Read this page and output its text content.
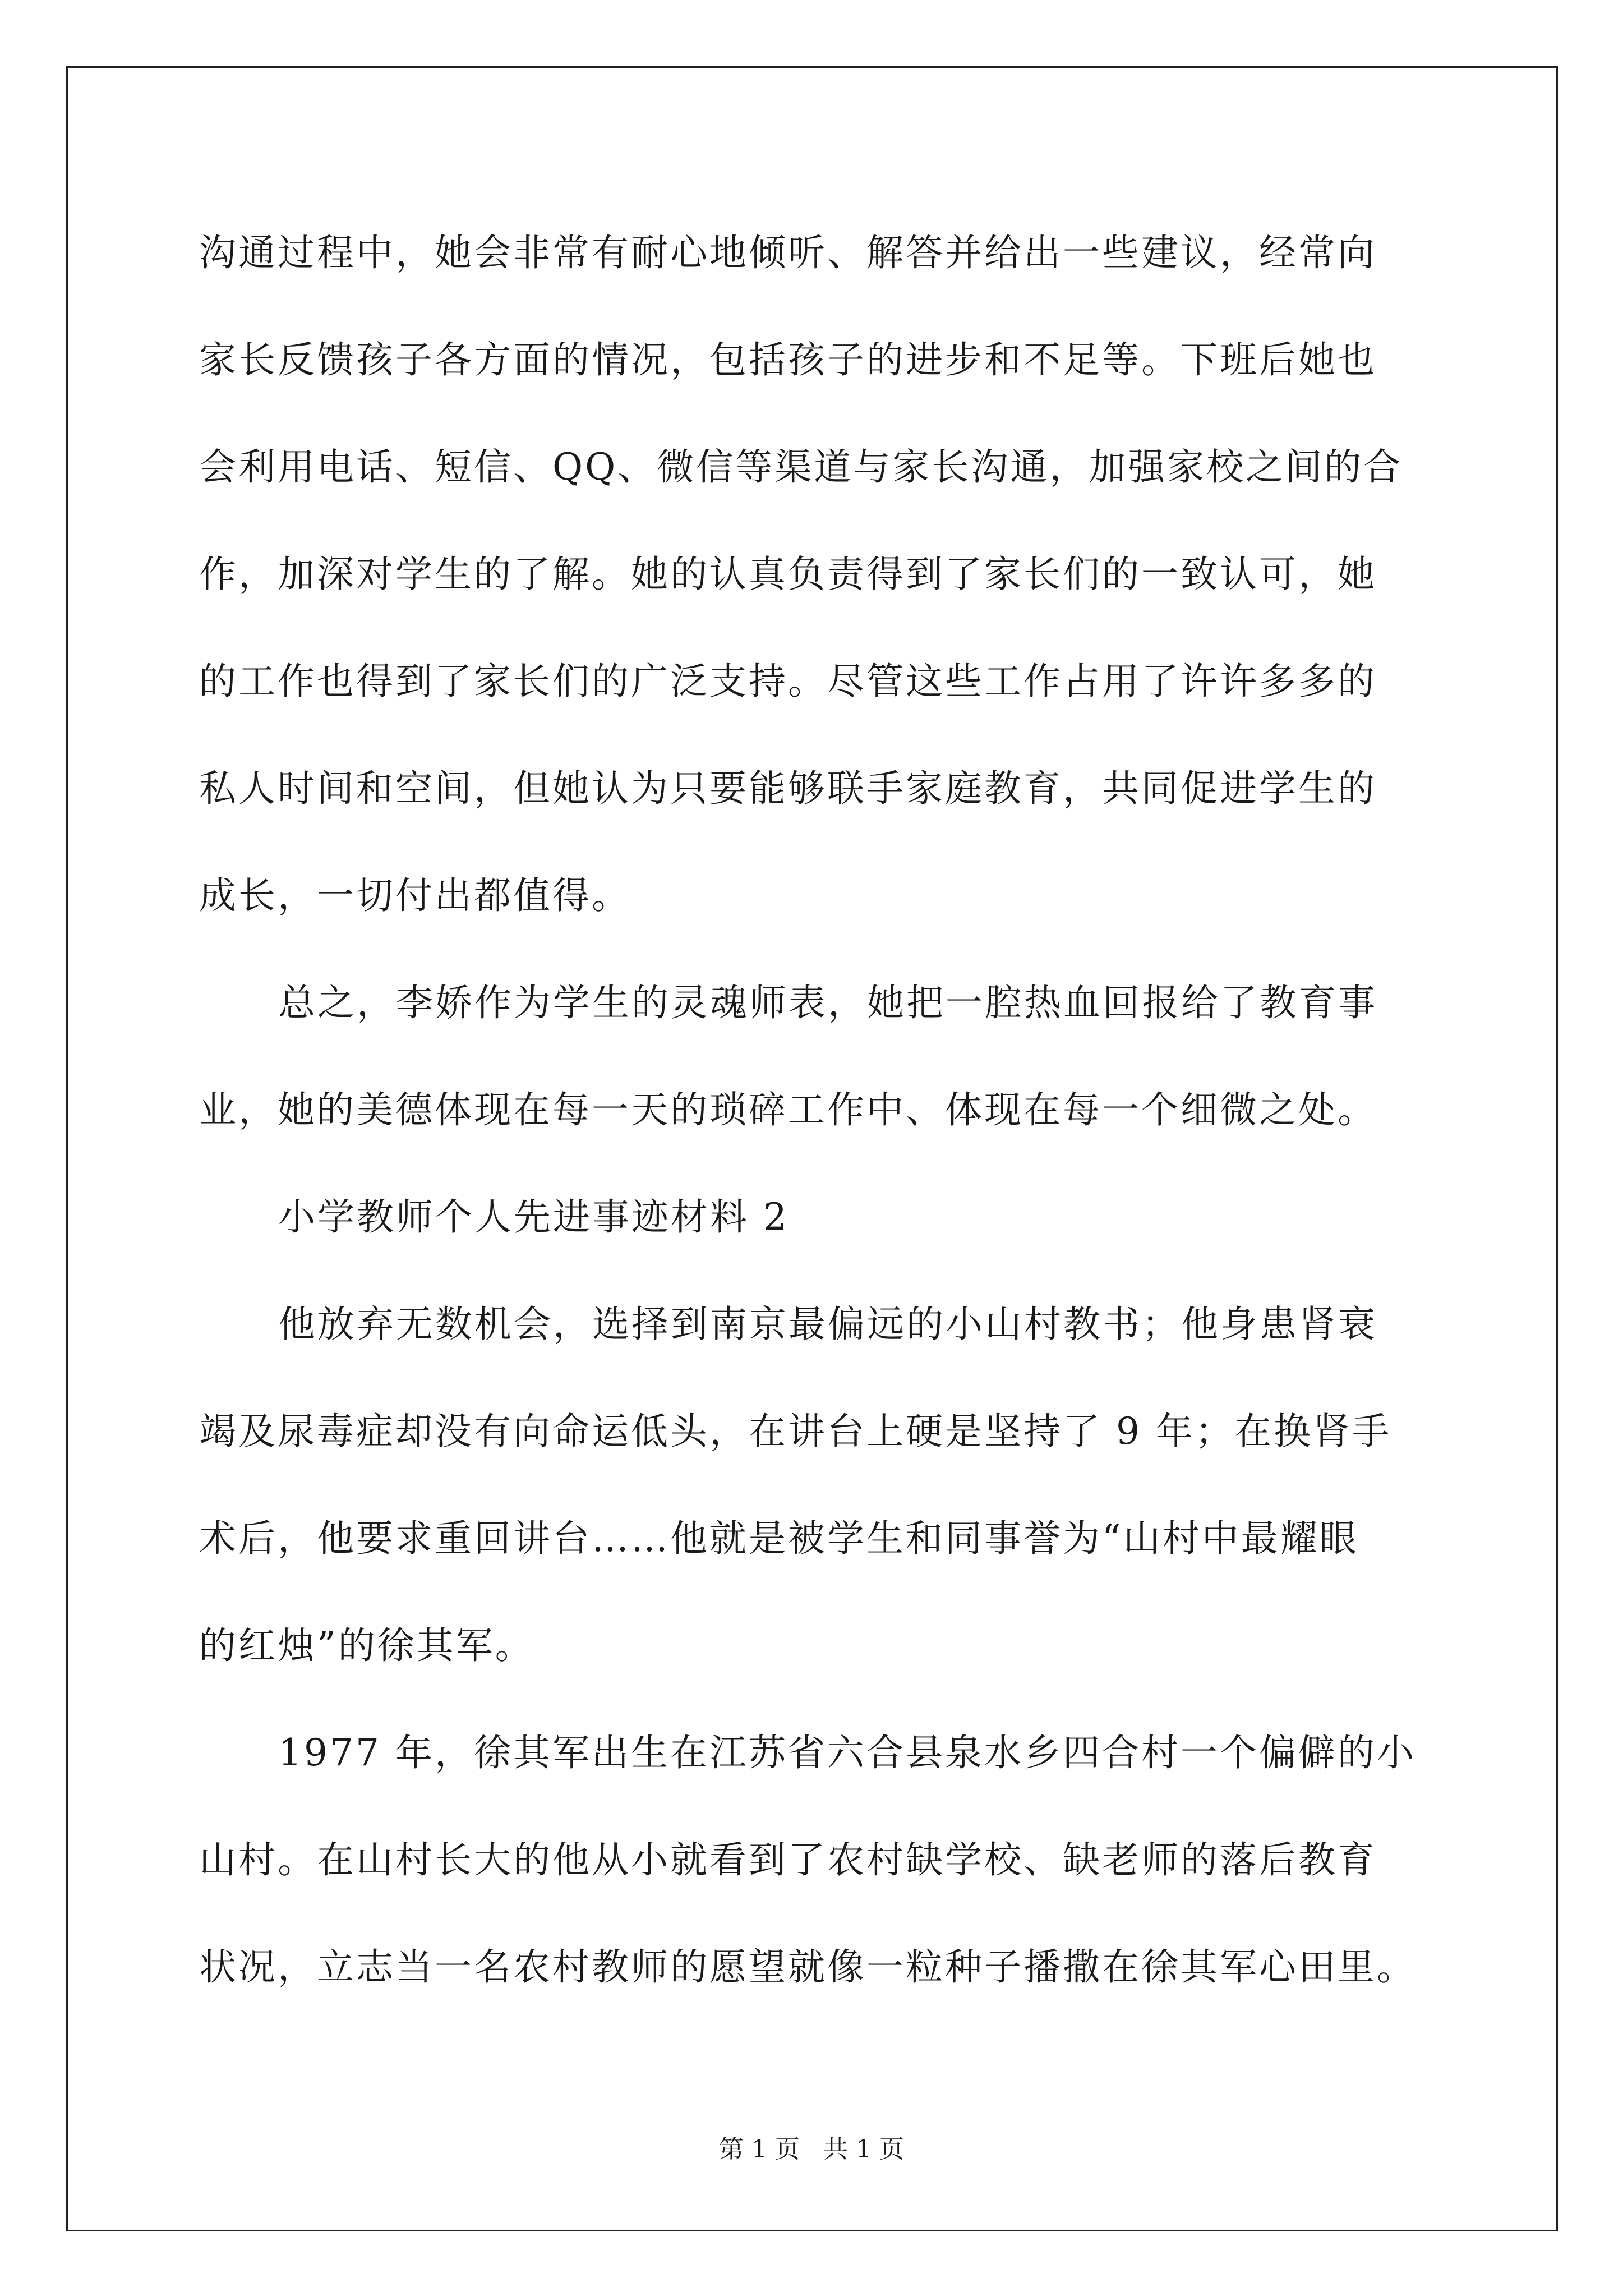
沟通过程中，她会非常有耐心地倾听、解答并给出一些建议，经常向
家长反馈孩子各方面的情况，包括孩子的进步和不足等。下班后她也
会利用电话、短信、QQ、微信等渠道与家长沟通，加强家校之间的合
作，加深对学生的了解。她的认真负责得到了家长们的一致认可，她
的工作也得到了家长们的广泛支持。尽管这些工作占用了许许多多的
私人时间和空间，但她认为只要能够联手家庭教育，共同促进学生的
成长，一切付出都值得。
总之，李娇作为学生的灵魂师表，她把一腔热血回报给了教育事
业，她的美德体现在每一天的琐碎工作中、体现在每一个细微之处。
小学教师个人先进事迹材料 2
他放弃无数机会，选择到南京最偏远的小山村教书；他身患肾衰
竭及尿毒症却没有向命运低头，在讲台上硬是坚持了 9 年；在换肾手
术后，他要求重回讲台……他就是被学生和同事誉为“山村中最耀眼
的红烛”的徐其军。
1977 年，徐其军出生在江苏省六合县泉水乡四合村一个偏僻的小
山村。在山村长大的他从小就看到了农村缺学校、缺老师的落后教育
状况，立志当一名农村教师的愿望就像一粒种子播撒在徐其军心田里。
第 1 页 共 1 页
